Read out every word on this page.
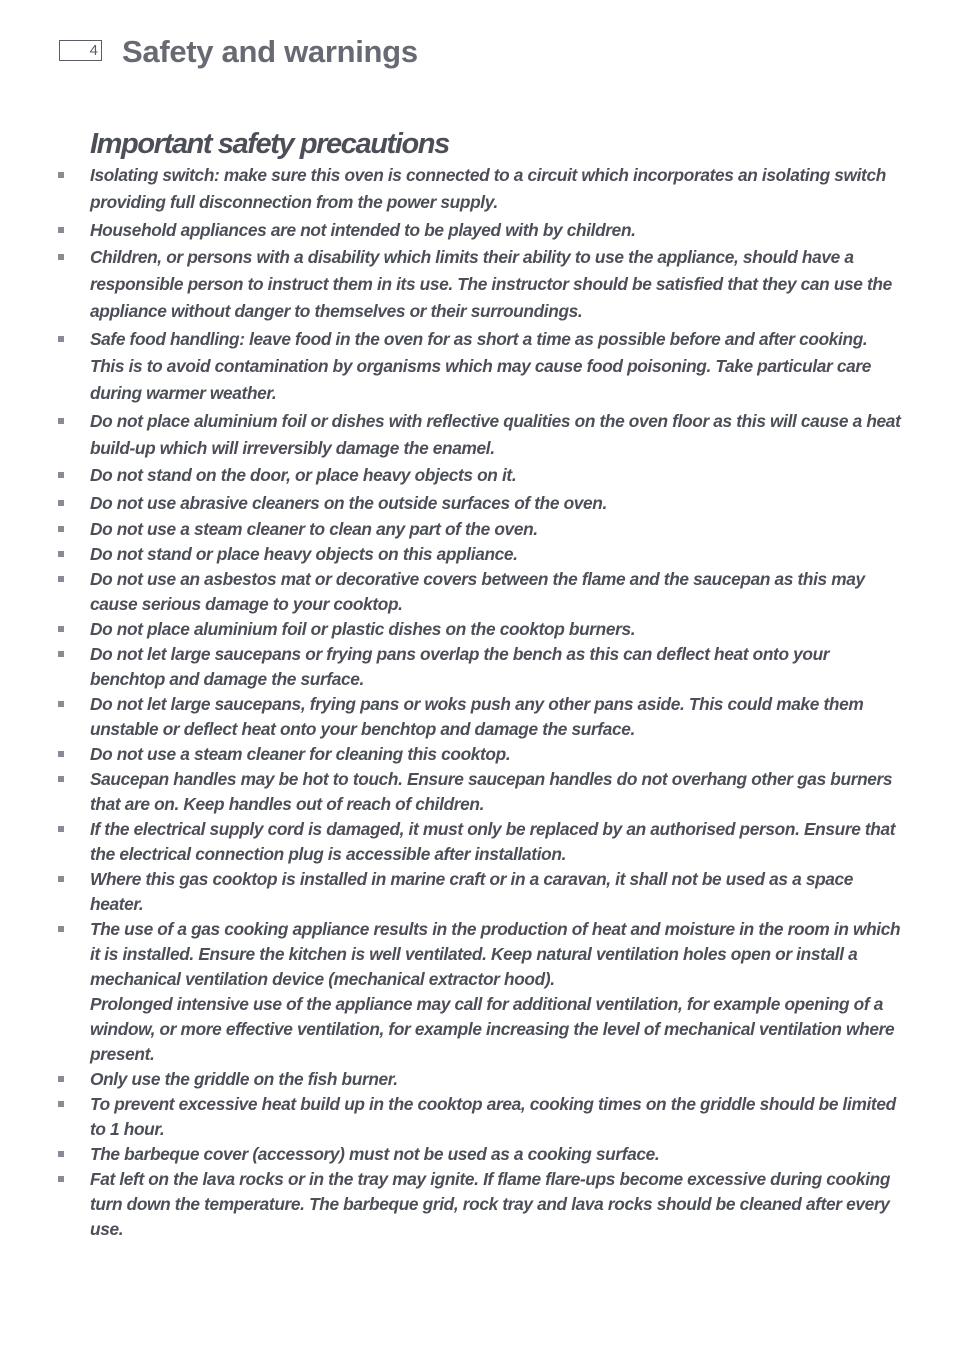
4 Safety and warnings
Important safety precautions
Isolating switch: make sure this oven is connected to a circuit which incorporates an isolating switch providing full disconnection from the power supply.
Household appliances are not intended to be played with by children.
Children, or persons with a disability which limits their ability to use the appliance, should have a responsible person to instruct them in its use. The instructor should be satisfied that they can use the appliance without danger to themselves or their surroundings.
Safe food handling: leave food in the oven for as short a time as possible before and after cooking. This is to avoid contamination by organisms which may cause food poisoning. Take particular care during warmer weather.
Do not place aluminium foil or dishes with reflective qualities on the oven floor as this will cause a heat build-up which will irreversibly damage the enamel.
Do not stand on the door, or place heavy objects on it.
Do not use abrasive cleaners on the outside surfaces of the oven.
Do not use a steam cleaner to clean any part of the oven.
Do not stand or place heavy objects on this appliance.
Do not use an asbestos mat or decorative covers between the flame and the saucepan as this may cause serious damage to your cooktop.
Do not place aluminium foil or plastic dishes on the cooktop burners.
Do not let large saucepans or frying pans overlap the bench as this can deflect heat onto your benchtop and damage the surface.
Do not let large saucepans, frying pans or woks push any other pans aside. This could make them unstable or deflect heat onto your benchtop and damage the surface.
Do not use a steam cleaner for cleaning this cooktop.
Saucepan handles may be hot to touch. Ensure saucepan handles do not overhang other gas burners that are on. Keep handles out of reach of children.
If the electrical supply cord is damaged, it must only be replaced by an authorised person. Ensure that the electrical connection plug is accessible after installation.
Where this gas cooktop is installed in marine craft or in a caravan, it shall not be used as a space heater.
The use of a gas cooking appliance results in the production of heat and moisture in the room in which it is installed. Ensure the kitchen is well ventilated. Keep natural ventilation holes open or install a mechanical ventilation device (mechanical extractor hood).
Prolonged intensive use of the appliance may call for additional ventilation, for example opening of a window, or more effective ventilation, for example increasing the level of mechanical ventilation where present.
Only use the griddle on the fish burner.
To prevent excessive heat build up in the cooktop area, cooking times on the griddle should be limited to 1 hour.
The barbeque cover (accessory) must not be used as a cooking surface.
Fat left on the lava rocks or in the tray may ignite. If flame flare-ups become excessive during cooking turn down the temperature. The barbeque grid, rock tray and lava rocks should be cleaned after every use.
